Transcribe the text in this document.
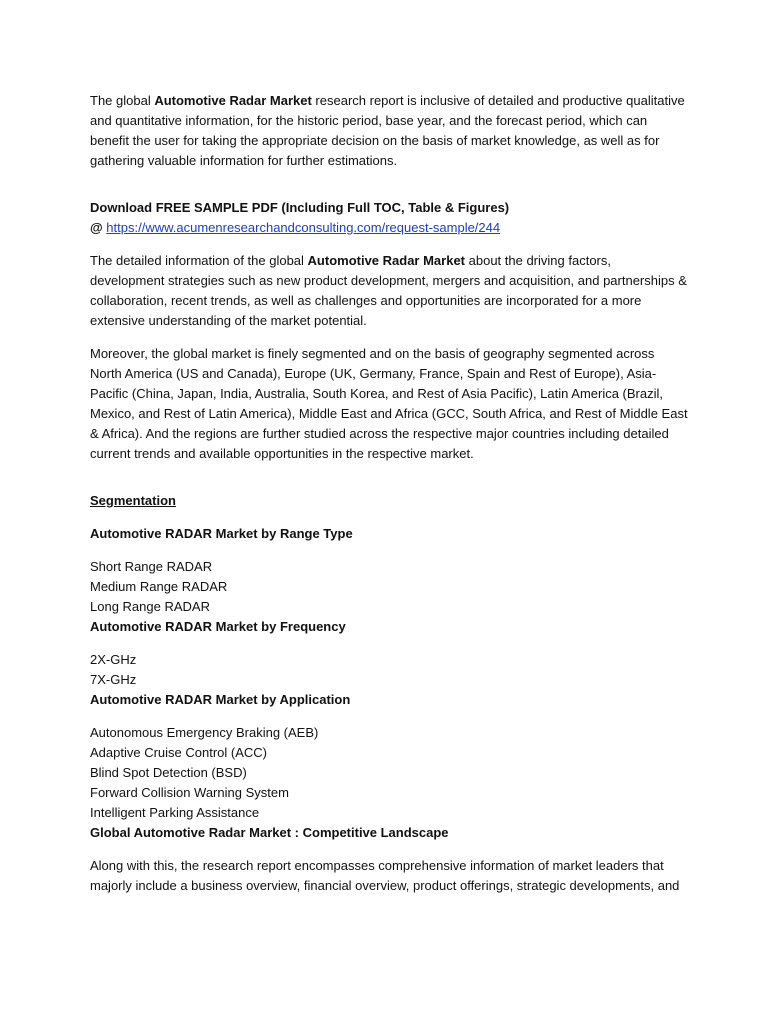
The global Automotive Radar Market research report is inclusive of detailed and productive qualitative and quantitative information, for the historic period, base year, and the forecast period, which can benefit the user for taking the appropriate decision on the basis of market knowledge, as well as for gathering valuable information for further estimations.

Download FREE SAMPLE PDF (Including Full TOC, Table & Figures)

@ https://www.acumenresearchandconsulting.com/request-sample/244

The detailed information of the global Automotive Radar Market about the driving factors, development strategies such as new product development, mergers and acquisition, and partnerships & collaboration, recent trends, as well as challenges and opportunities are incorporated for a more extensive understanding of the market potential.

Moreover, the global market is finely segmented and on the basis of geography segmented across North America (US and Canada), Europe (UK, Germany, France, Spain and Rest of Europe), Asia-Pacific (China, Japan, India, Australia, South Korea, and Rest of Asia Pacific), Latin America (Brazil, Mexico, and Rest of Latin America), Middle East and Africa (GCC, South Africa, and Rest of Middle East & Africa). And the regions are further studied across the respective major countries including detailed current trends and available opportunities in the respective market.

Segmentation

Automotive RADAR Market by Range Type

Short Range RADAR
Medium Range RADAR
Long Range RADAR

Automotive RADAR Market by Frequency

2X-GHz
7X-GHz

Automotive RADAR Market by Application

Autonomous Emergency Braking (AEB)
Adaptive Cruise Control (ACC)
Blind Spot Detection (BSD)
Forward Collision Warning System
Intelligent Parking Assistance

Global Automotive Radar Market : Competitive Landscape

Along with this, the research report encompasses comprehensive information of market leaders that majorly include a business overview, financial overview, product offerings, strategic developments, and
